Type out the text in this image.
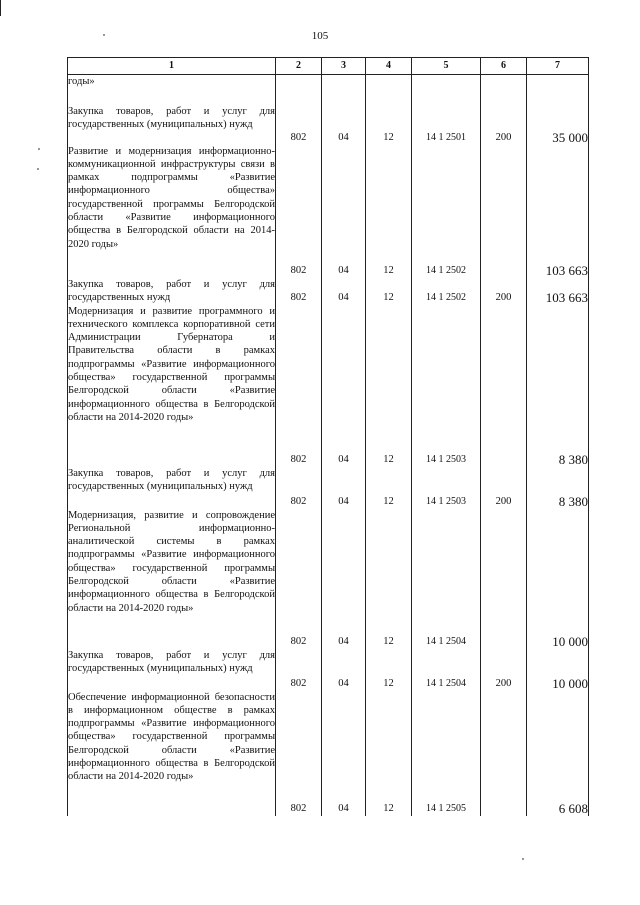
105
1	2	3	4	5	6	7
годы»						
Закупка товаров, работ и услуг для государственных (муниципальных) нужд	802	04	12	14 1 2501	200	35 000
Развитие и модернизация информационно-коммуникационной инфраструктуры связи в рамках подпрограммы «Развитие информационного общества» государственной программы Белгородской области «Развитие информационного общества в Белгородской области на 2014-2020 годы»	802	04	12	14 1 2502		103 663
Закупка товаров, работ и услуг для государственных нужд	802	04	12	14 1 2502	200	103 663
Модернизация и развитие программного и технического комплекса корпоративной сети Администрации Губернатора и Правительства области в рамках подпрограммы «Развитие информационного общества» государственной программы Белгородской области «Развитие информационного общества в Белгородской области на 2014-2020 годы»	802	04	12	14 1 2503		8 380
Закупка товаров, работ и услуг для государственных (муниципальных) нужд	802	04	12	14 1 2503	200	8 380
Модернизация, развитие и сопровождение Региональной информационно-аналитической системы в рамках подпрограммы «Развитие информационного общества» государственной программы Белгородской области «Развитие информационного общества в Белгородской области на 2014-2020 годы»	802	04	12	14 1 2504		10 000
Закупка товаров, работ и услуг для государственных (муниципальных) нужд	802	04	12	14 1 2504	200	10 000
Обеспечение информационной безопасности в информационном обществе в рамках подпрограммы «Развитие информационного общества» государственной программы Белгородской области «Развитие информационного общества в Белгородской области на 2014-2020 годы»	802	04	12	14 1 2505		6 608
